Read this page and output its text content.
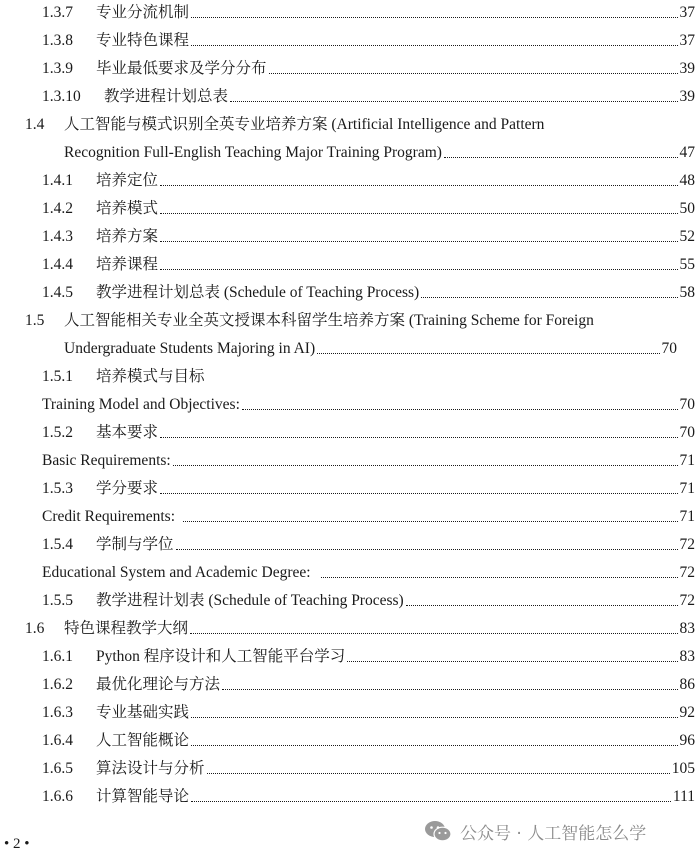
1.3.7	专业分流机制	37
1.3.8	专业特色课程	37
1.3.9	毕业最低要求及学分分布	39
1.3.10	教学进程计划总表	39
1.4	人工智能与模式识别全英专业培养方案 (Artificial Intelligence and Pattern
Recognition Full-English Teaching Major Training Program)	47
1.4.1	培养定位	48
1.4.2	培养模式	50
1.4.3	培养方案	52
1.4.4	培养课程	55
1.4.5	教学进程计划总表 (Schedule of Teaching Process)	58
1.5	人工智能相关专业全英文授课本科留学生培养方案 (Training Scheme for Foreign
Undergraduate Students Majoring in AI)	70
1.5.1	培养模式与目标
Training Model and Objectives:	70
1.5.2	基本要求	70
Basic Requirements:	71
1.5.3	学分要求	71
Credit Requirements:	71
1.5.4	学制与学位	72
Educational System and Academic Degree:	72
1.5.5	教学进程计划表 (Schedule of Teaching Process)	72
1.6	特色课程教学大纲	83
1.6.1	Python 程序设计和人工智能平台学习	83
1.6.2	最优化理论与方法	86
1.6.3	专业基础实践	92
1.6.4	人工智能概论	96
1.6.5	算法设计与分析	105
1.6.6	计算智能导论	111
• 2 •
公众号 · 人工智能怎么学
